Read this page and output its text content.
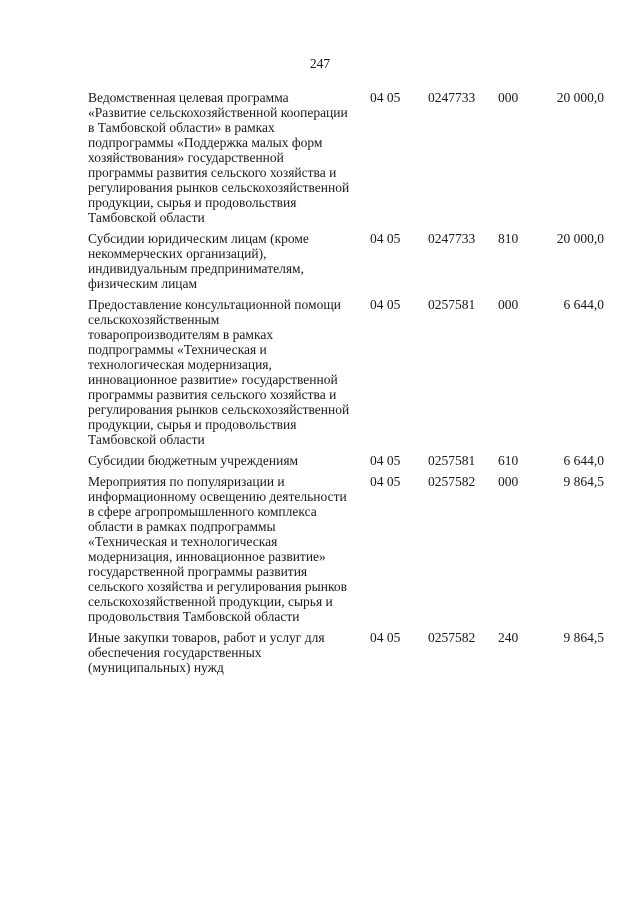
247
Ведомственная целевая программа «Развитие сельскохозяйственной кооперации в Тамбовской области» в рамках подпрограммы «Поддержка малых форм хозяйствования» государственной программы развития сельского хозяйства и регулирования рынков сельскохозяйственной продукции, сырья и продовольствия Тамбовской области	04 05	0247733	000	20 000,0
Субсидии юридическим лицам (кроме некоммерческих организаций), индивидуальным предпринимателям, физическим лицам	04 05	0247733	810	20 000,0
Предоставление консультационной помощи сельскохозяйственным товаропроизводителям в рамках подпрограммы «Техническая и технологическая модернизация, инновационное развитие» государственной программы развития сельского хозяйства и регулирования рынков сельскохозяйственной продукции, сырья и продовольствия Тамбовской области	04 05	0257581	000	6 644,0
Субсидии бюджетным учреждениям	04 05	0257581	610	6 644,0
Мероприятия по популяризации и информационному освещению деятельности в сфере агропромышленного комплекса области в рамках подпрограммы «Техническая и технологическая модернизация, инновационное развитие» государственной программы развития сельского хозяйства и регулирования рынков сельскохозяйственной продукции, сырья и продовольствия Тамбовской области	04 05	0257582	000	9 864,5
Иные закупки товаров, работ и услуг для обеспечения государственных (муниципальных) нужд	04 05	0257582	240	9 864,5
